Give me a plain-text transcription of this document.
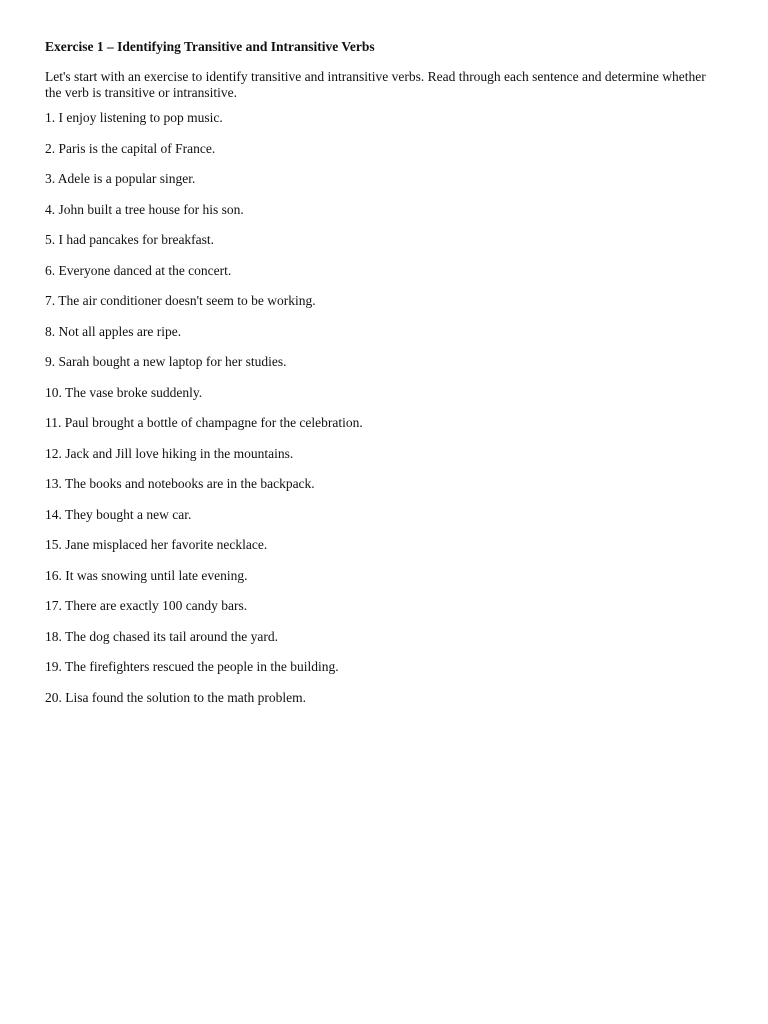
Exercise 1 – Identifying Transitive and Intransitive Verbs
Let's start with an exercise to identify transitive and intransitive verbs. Read through each sentence and determine whether the verb is transitive or intransitive.
1. I enjoy listening to pop music.
2. Paris is the capital of France.
3. Adele is a popular singer.
4. John built a tree house for his son.
5. I had pancakes for breakfast.
6. Everyone danced at the concert.
7. The air conditioner doesn't seem to be working.
8. Not all apples are ripe.
9. Sarah bought a new laptop for her studies.
10. The vase broke suddenly.
11. Paul brought a bottle of champagne for the celebration.
12. Jack and Jill love hiking in the mountains.
13. The books and notebooks are in the backpack.
14. They bought a new car.
15. Jane misplaced her favorite necklace.
16. It was snowing until late evening.
17. There are exactly 100 candy bars.
18. The dog chased its tail around the yard.
19. The firefighters rescued the people in the building.
20. Lisa found the solution to the math problem.
